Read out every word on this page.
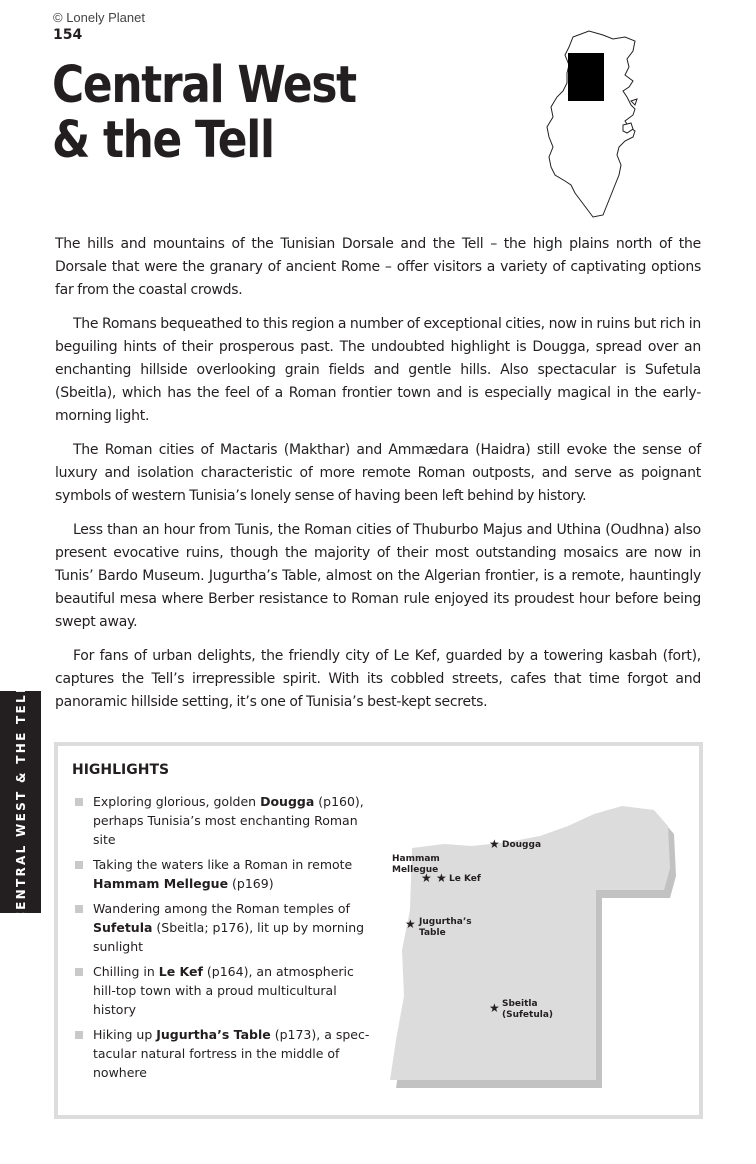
© Lonely Planet
154
Central West
& the Tell

The hills and mountains of the Tunisian Dorsale and the Tell – the high plains north of the Dorsale that were the granary of ancient Rome – offer visitors a variety of captivating options far from the coastal crowds.

The Romans bequeathed to this region a number of exceptional cities, now in ruins but rich in beguiling hints of their prosperous past. The undoubted highlight is Dougga, spread over an enchanting hillside overlooking grain fields and gentle hills. Also spectacular is Sufetula (Sbeitla), which has the feel of a Roman frontier town and is especially magical in the early-morning light.

The Roman cities of Mactaris (Makthar) and Ammædara (Haidra) still evoke the sense of luxury and isolation characteristic of more remote Roman outposts, and serve as poignant symbols of western Tunisia’s lonely sense of having been left behind by history.

Less than an hour from Tunis, the Roman cities of Thuburbo Majus and Uthina (Oudhna) also present evocative ruins, though the majority of their most outstanding mosaics are now in Tunis’ Bardo Museum. Jugurtha’s Table, almost on the Algerian frontier, is a remote, hauntingly beautiful mesa where Berber resistance to Roman rule enjoyed its proudest hour before being swept away.

For fans of urban delights, the friendly city of Le Kef, guarded by a towering kasbah (fort), captures the Tell’s irrepressible spirit. With its cobbled streets, cafes that time forgot and panoramic hillside setting, it’s one of Tunisia’s best-kept secrets.

CENTRAL WEST & THE TELL	HIGHLIGHTS
Exploring glorious, golden Dougga (p160), perhaps Tunisia’s most enchanting Roman site
Taking the waters like a Roman in remote Hammam Mellegue (p169)
Wandering among the Roman temples of Sufetula (Sbeitla; p176), lit up by morning sunlight
Chilling in Le Kef (p164), an atmospheric hill-top town with a proud multicultural history
Hiking up Jugurtha’s Table (p173), a spec-tacular natural fortress in the middle of nowhere
★ Dougga
Hammam
Mellegue
★ ★ Le Kef
★ Jugurtha’s
Table
★ Sbeitla
(Sufetula)
